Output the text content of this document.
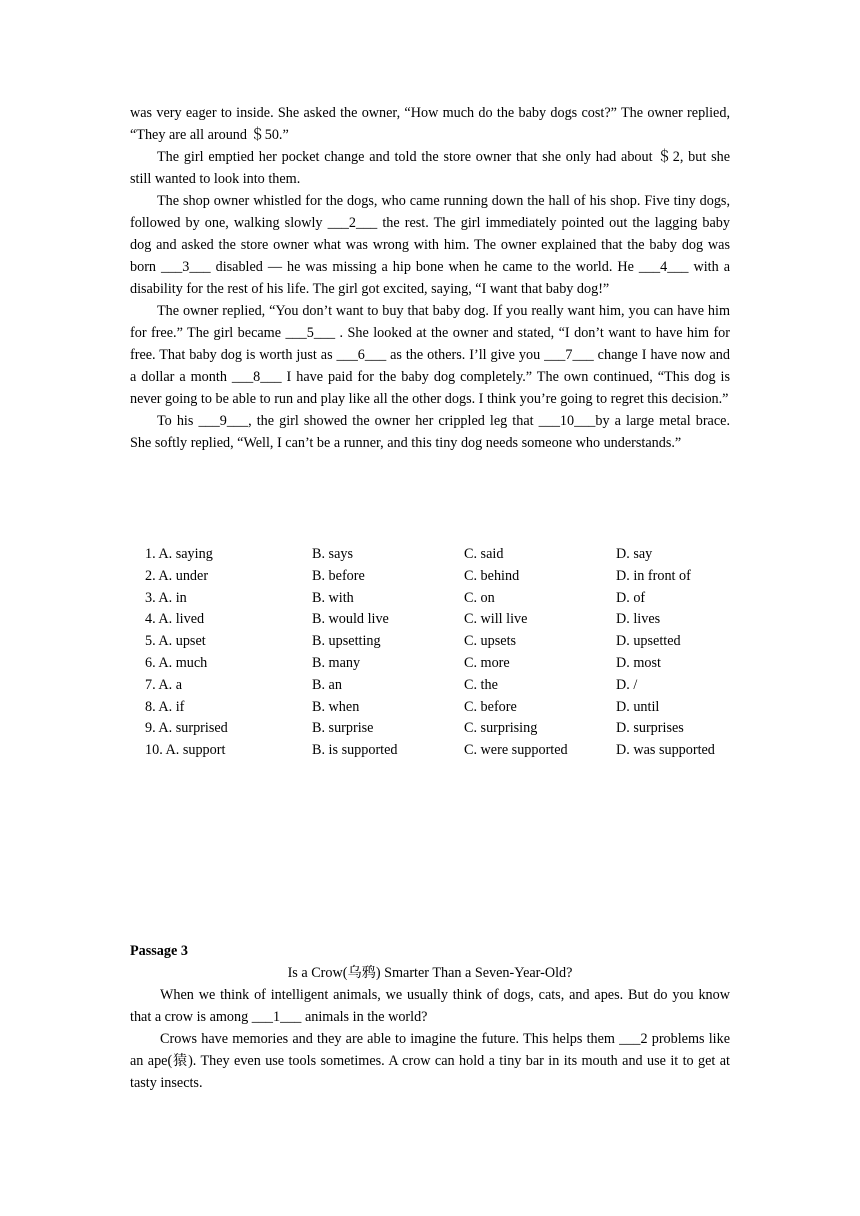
was very eager to inside. She asked the owner, “How much do the baby dogs cost?” The owner replied, “They are all around ＄50.”

The girl emptied her pocket change and told the store owner that she only had about ＄2, but she still wanted to look into them.

The shop owner whistled for the dogs, who came running down the hall of his shop. Five tiny dogs, followed by one, walking slowly ___2___ the rest. The girl immediately pointed out the lagging baby dog and asked the store owner what was wrong with him. The owner explained that the baby dog was born ___3___ disabled — he was missing a hip bone when he came to the world. He ___4___ with a disability for the rest of his life. The girl got excited, saying, “I want that baby dog!”

The owner replied, “You don’t want to buy that baby dog. If you really want him, you can have him for free.” The girl became ___5___ . She looked at the owner and stated, “I don’t want to have him for free. That baby dog is worth just as ___6___ as the others. I’ll give you ___7___ change I have now and a dollar a month ___8___ I have paid for the baby dog completely.” The own continued, “This dog is never going to be able to run and play like all the other dogs. I think you’re going to regret this decision.”

To his ___9___, the girl showed the owner her crippled leg that ___10___by a large metal brace. She softly replied, “Well, I can’t be a runner, and this tiny dog needs someone who understands.”

1. A. saying	B. says	C. said	D. say
2. A. under	B. before	C. behind	D. in front of
3. A. in	B. with	C. on	D. of
4. A. lived	B. would live	C. will live	D. lives
5. A. upset	B. upsetting	C. upsets	D. upsetted
6. A. much	B. many	C. more	D. most
7. A. a	B. an	C. the	D. /
8. A. if	B. when	C. before	D. until
9. A. surprised	B. surprise	C. surprising	D. surprises
10. A. support	B. is supported	C. were supported	D. was supported

Passage 3

Is a Crow(乌鸦) Smarter Than a Seven-Year-Old?

When we think of intelligent animals, we usually think of dogs, cats, and apes. But do you know that a crow is among ___1___ animals in the world?

Crows have memories and they are able to imagine the future. This helps them ___2 problems like an ape(猿). They even use tools sometimes. A crow can hold a tiny bar in its mouth and use it to get at tasty insects.
